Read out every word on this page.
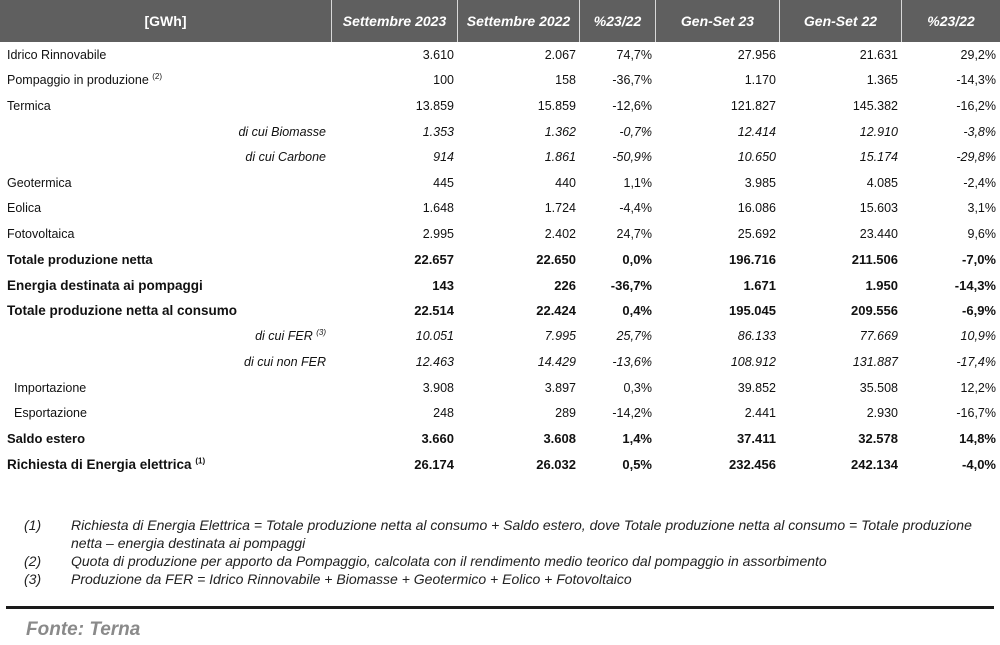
[GWh]	Settembre 2023	Settembre 2022	%23/22	Gen-Set 23	Gen-Set 22	%23/22
Idrico Rinnovabile	3.610	2.067	74,7%	27.956	21.631	29,2%
Pompaggio in produzione $^{(2)}$	100	158	-36,7%	1.170	1.365	-14,3%
Termica	13.859	15.859	-12,6%	121.827	145.382	-16,2%
di cui Biomasse	1.353	1.362	-0,7%	12.414	12.910	-3,8%
di cui Carbone	914	1.861	-50,9%	10.650	15.174	-29,8%
Geotermica	445	440	1,1%	3.985	4.085	-2,4%
Eolica	1.648	1.724	-4,4%	16.086	15.603	3,1%
Fotovoltaica	2.995	2.402	24,7%	25.692	23.440	9,6%
Totale produzione netta	22.657	22.650	0,0%	196.716	211.506	-7,0%
Energia destinata ai pompaggi	143	226	-36,7%	1.671	1.950	-14,3%
Totale produzione netta al consumo	22.514	22.424	0,4%	195.045	209.556	-6,9%
di cui FER $^{(3)}$	10.051	7.995	25,7%	86.133	77.669	10,9%
di cui non FER	12.463	14.429	-13,6%	108.912	131.887	-17,4%
Importazione	3.908	3.897	0,3%	39.852	35.508	12,2%
Esportazione	248	289	-14,2%	2.441	2.930	-16,7%
Saldo estero	3.660	3.608	1,4%	37.411	32.578	14,8%
Richiesta di Energia elettrica $^{(1)}$	26.174	26.032	0,5%	232.456	242.134	-4,0%
(1)	Richiesta di Energia Elettrica = Totale produzione netta al consumo + Saldo estero, dove Totale produzione netta al consumo = Totale produzione netta – energia destinata ai pompaggi
(2)	Quota di produzione per apporto da Pompaggio, calcolata con il rendimento medio teorico dal pompaggio in assorbimento
(3)	Produzione da FER = Idrico Rinnovabile + Biomasse + Geotermico + Eolico + Fotovoltaico
Fonte: Terna
